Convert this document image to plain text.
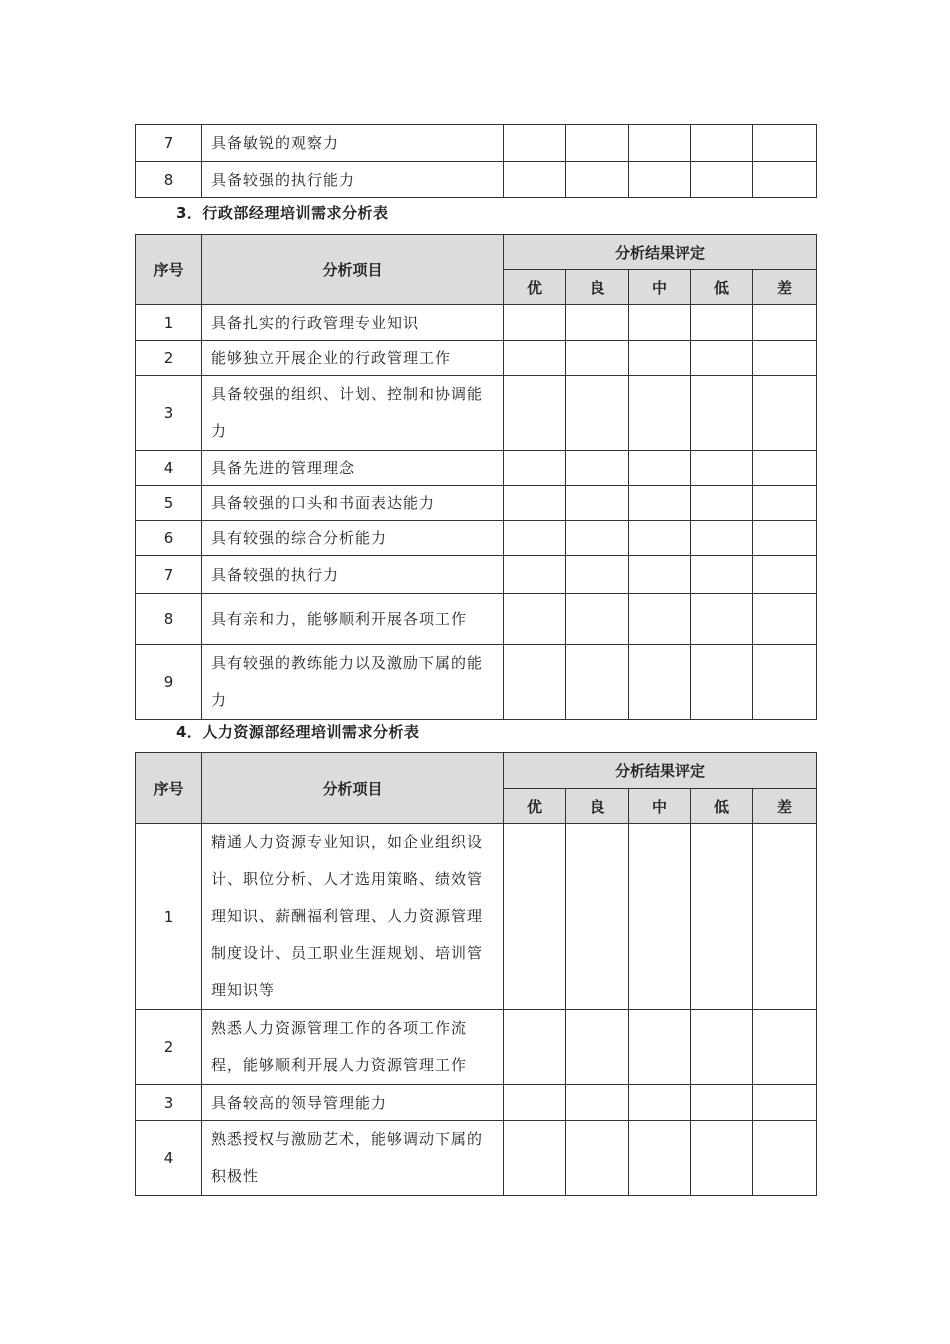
7	具备敏锐的观察力					
8	具备较强的执行能力					
3．行政部经理培训需求分析表
序号	分析项目	分析结果评定				
		优	良	中	低	差
1	具备扎实的行政管理专业知识					
2	能够独立开展企业的行政管理工作					
3	具备较强的组织、计划、控制和协调能力					
4	具备先进的管理理念					
5	具备较强的口头和书面表达能力					
6	具有较强的综合分析能力					
7	具备较强的执行力					
8	具有亲和力，能够顺利开展各项工作					
9	具有较强的教练能力以及激励下属的能力					
4．人力资源部经理培训需求分析表
序号	分析项目	分析结果评定				
		优	良	中	低	差
1	精通人力资源专业知识，如企业组织设计、职位分析、人才选用策略、绩效管理知识、薪酬福利管理、人力资源管理制度设计、员工职业生涯规划、培训管理知识等					
2	熟悉人力资源管理工作的各项工作流程，能够顺利开展人力资源管理工作					
3	具备较高的领导管理能力					
4	熟悉授权与激励艺术，能够调动下属的积极性					
